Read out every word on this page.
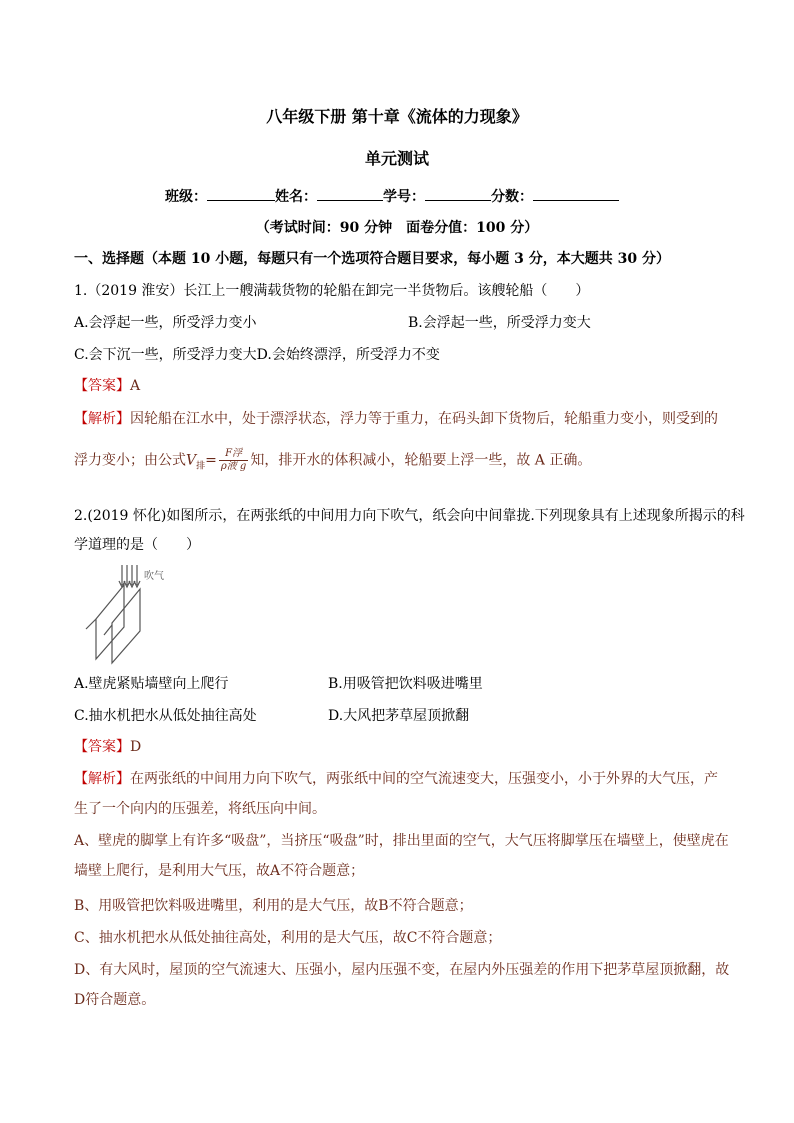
八年级下册 第十章《流体的力现象》
单元测试
班级：	姓名：	学号：	分数：
（考试时间：90 分钟　面卷分值：100 分）
一、选择题（本题 10 小题，每题只有一个选项符合题目要求，每小题 3 分，本大题共 30 分）
1.（2019 淮安）长江上一艘满载货物的轮船在卸完一半货物后。该艘轮船（　　）
A.会浮起一些，所受浮力变小	B.会浮起一些，所受浮力变大
C.会下沉一些，所受浮力变大D.会始终漂浮，所受浮力不变
【答案】A
【解析】因轮船在江水中，处于漂浮状态，浮力等于重力，在码头卸下货物后，轮船重力变小，则受到的
浮力变小；由公式$V_排= \frac{\text{F浮}}{\text{ρ液 g}}$ 知，排开水的体积减小，轮船要上浮一些，故 A 正确。
2.(2019 怀化)如图所示，在两张纸的中间用力向下吹气，纸会向中间靠拢.下列现象具有上述现象所揭示的科
学道理的是（　　）
吹气
A.壁虎紧贴墙壁向上爬行	B.用吸管把饮料吸进嘴里
C.抽水机把水从低处抽往高处	D.大风把茅草屋顶掀翻
【答案】D
【解析】在两张纸的中间用力向下吹气，两张纸中间的空气流速变大，压强变小，小于外界的大气压，产
生了一个向内的压强差，将纸压向中间。
A、壁虎的脚掌上有许多“吸盘”，当挤压“吸盘”时，排出里面的空气，大气压将脚掌压在墙壁上，使壁虎在
墙壁上爬行，是利用大气压，故A不符合题意；
B、用吸管把饮料吸进嘴里，利用的是大气压，故B不符合题意；
C、抽水机把水从低处抽往高处，利用的是大气压，故C不符合题意；
D、有大风时，屋顶的空气流速大、压强小，屋内压强不变，在屋内外压强差的作用下把茅草屋顶掀翻，故
D符合题意。
